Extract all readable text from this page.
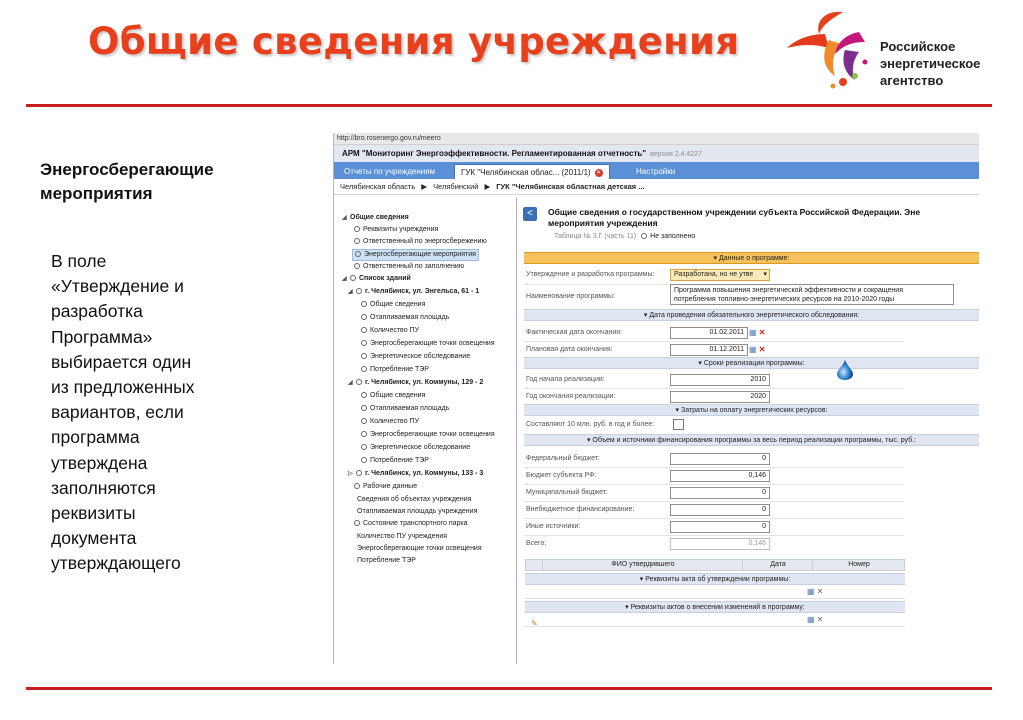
Общие сведения учреждения	Российское
энергетическое
агентство
Энергосберегающие
мероприятия
В поле
«Утверждение и
разработка
Программа»
выбирается один
из предложенных
вариантов, если
программа
утверждена
заполняются
реквизиты
документа
утверждающего
http://bro.rosenergo.gov.ru/meero
АРМ "Мониторинг Энергоэффективности. Регламентированная отчетность" версия 2.4.4227
Отчеты по учреждениям	ГУК "Челябинская облас... (2011/1) ✕	Настройки
Челябинская область ▶ Челябинский ▶ ГУК "Челябинская областная детская ...
◢ Общие сведения
Реквизиты учреждения
Ответственный по энергосбережению
Энергосберегающие мероприятия
Ответственный по заполнению
◢ Список зданий
◢ г. Челябинск, ул. Энгельса, 61 - 1
Общие сведения
Отапливаемая площадь
Количество ПУ
Энергосберегающие точки освещения
Энергетическое обследование
Потребление ТЭР
◢ г. Челябинск, ул. Коммуны, 129 - 2
Общие сведения
Отапливаемая площадь
Количество ПУ
Энергосберегающие точки освещения
Энергетическое обследование
Потребление ТЭР
▷ г. Челябинск, ул. Коммуны, 133 - 3
Рабочие данные
Сведения об объектах учреждения
Отапливаемая площадь учреждения
Состояние транспортного парка
Количество ПУ учреждения
Энергосберегающие точки освещения
Потребление ТЭР
<	Общие сведения о государственном учреждении субъекта Российской Федерации. Эне
мероприятия учреждения
Таблица № 3.Г (часть 11) Не заполнено
▾ Данные о программе:
Утверждение и разработка программы:	Разработана, но не утве ▾
Наименование программы:
Программа повышения энергетической эффективности и сокращения
потребления топливно-энергетических ресурсов на 2010-2020 годы
▾ Дата проведения обязательного энергетического обследования:
Фактическая дата окончания:	01.02.2011 ▦ ✕
Плановая дата окончания:	01.12.2011 ▦ ✕
▾ Сроки реализации программы:
Год начала реализации:	2010
Год окончания реализации:	2020
▾ Затраты на оплату энергетических ресурсов:
Составляют 10 млн. руб. в год и более:
▾ Объем и источники финансирования программы за весь период реализации программы, тыс. руб.:
Федеральный бюджет:	0
Бюджет субъекта РФ:	0,146
Муниципальный бюджет:	0
Внебюджетное финансирование:	0
Иные источники:	0
Всего:	0,146
ФИО утвердившего	Дата	Номер
▾ Реквизиты акта об утверждении программы:
▦ ✕
▾ Реквизиты актов о внесении изменений в программу:
▦ ✕
✎
